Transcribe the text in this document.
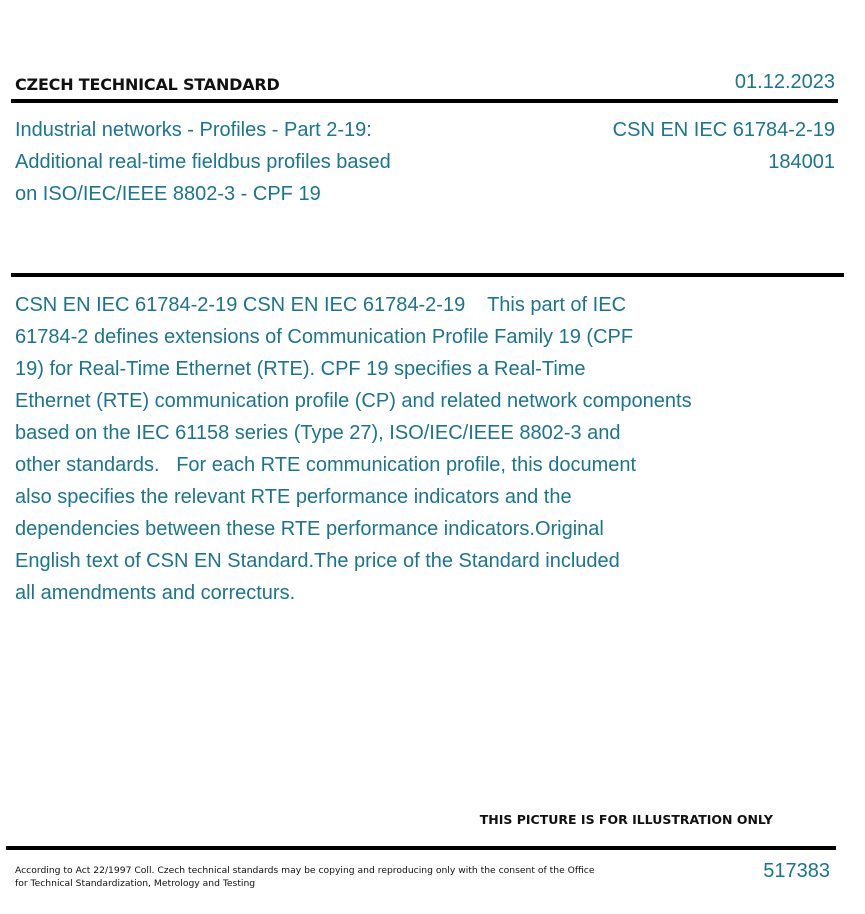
CZECH TECHNICAL STANDARD	01.12.2023
Industrial networks - Profiles - Part 2-19:
Additional real-time fieldbus profiles based
on ISO/IEC/IEEE 8802-3 - CPF 19
CSN EN IEC 61784-2-19
184001
CSN EN IEC 61784-2-19 CSN EN IEC 61784-2-19    This part of IEC
61784-2 defines extensions of Communication Profile Family 19 (CPF
19) for Real-Time Ethernet (RTE). CPF 19 specifies a Real-Time
Ethernet (RTE) communication profile (CP) and related network components
based on the IEC 61158 series (Type 27), ISO/IEC/IEEE 8802-3 and
other standards.   For each RTE communication profile, this document
also specifies the relevant RTE performance indicators and the
dependencies between these RTE performance indicators.Original
English text of CSN EN Standard.The price of the Standard included
all amendments and correcturs.
THIS PICTURE IS FOR ILLUSTRATION ONLY
According to Act 22/1997 Coll. Czech technical standards may be copying and reproducing only with the consent of the Office
for Technical Standardization, Metrology and Testing
517383
